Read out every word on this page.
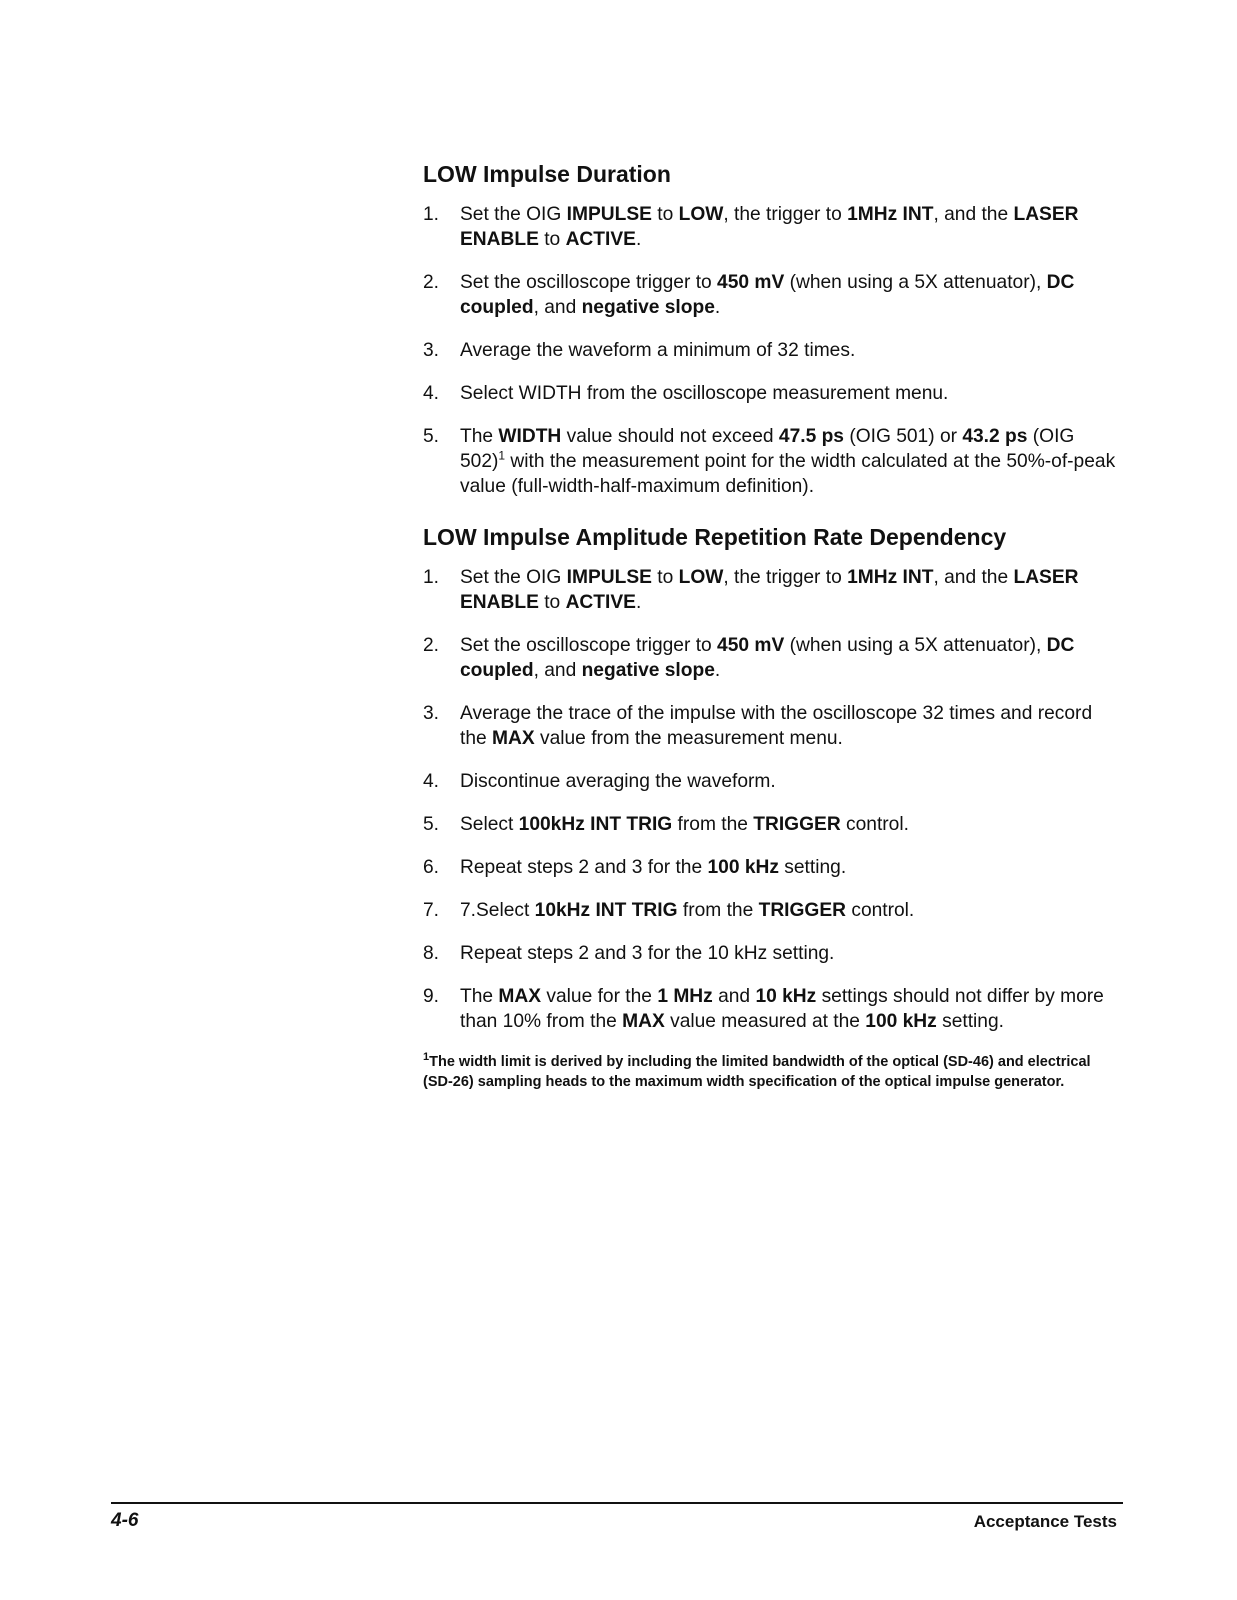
LOW Impulse Duration
1. Set the OIG IMPULSE to LOW, the trigger to 1MHz INT, and the LASER ENABLE to ACTIVE.
2. Set the oscilloscope trigger to 450 mV (when using a 5X attenuator), DC coupled, and negative slope.
3. Average the waveform a minimum of 32 times.
4. Select WIDTH from the oscilloscope measurement menu.
5. The WIDTH value should not exceed 47.5 ps (OIG 501) or 43.2 ps (OIG 502)$^1$ with the measurement point for the width calculated at the 50%-of-peak value (full-width-half-maximum definition).
LOW Impulse Amplitude Repetition Rate Dependency
1. Set the OIG IMPULSE to LOW, the trigger to 1MHz INT, and the LASER ENABLE to ACTIVE.
2. Set the oscilloscope trigger to 450 mV (when using a 5X attenuator), DC coupled, and negative slope.
3. Average the trace of the impulse with the oscilloscope 32 times and record the MAX value from the measurement menu.
4. Discontinue averaging the waveform.
5. Select 100kHz INT TRIG from the TRIGGER control.
6. Repeat steps 2 and 3 for the 100 kHz setting.
7. 7.Select 10kHz INT TRIG from the TRIGGER control.
8. Repeat steps 2 and 3 for the 10 kHz setting.
9. The MAX value for the 1 MHz and 10 kHz settings should not differ by more than 10% from the MAX value measured at the 100 kHz setting.
$^1$The width limit is derived by including the limited bandwidth of the optical (SD-46) and electrical (SD-26) sampling heads to the maximum width specification of the optical impulse generator.
4-6	Acceptance Tests
